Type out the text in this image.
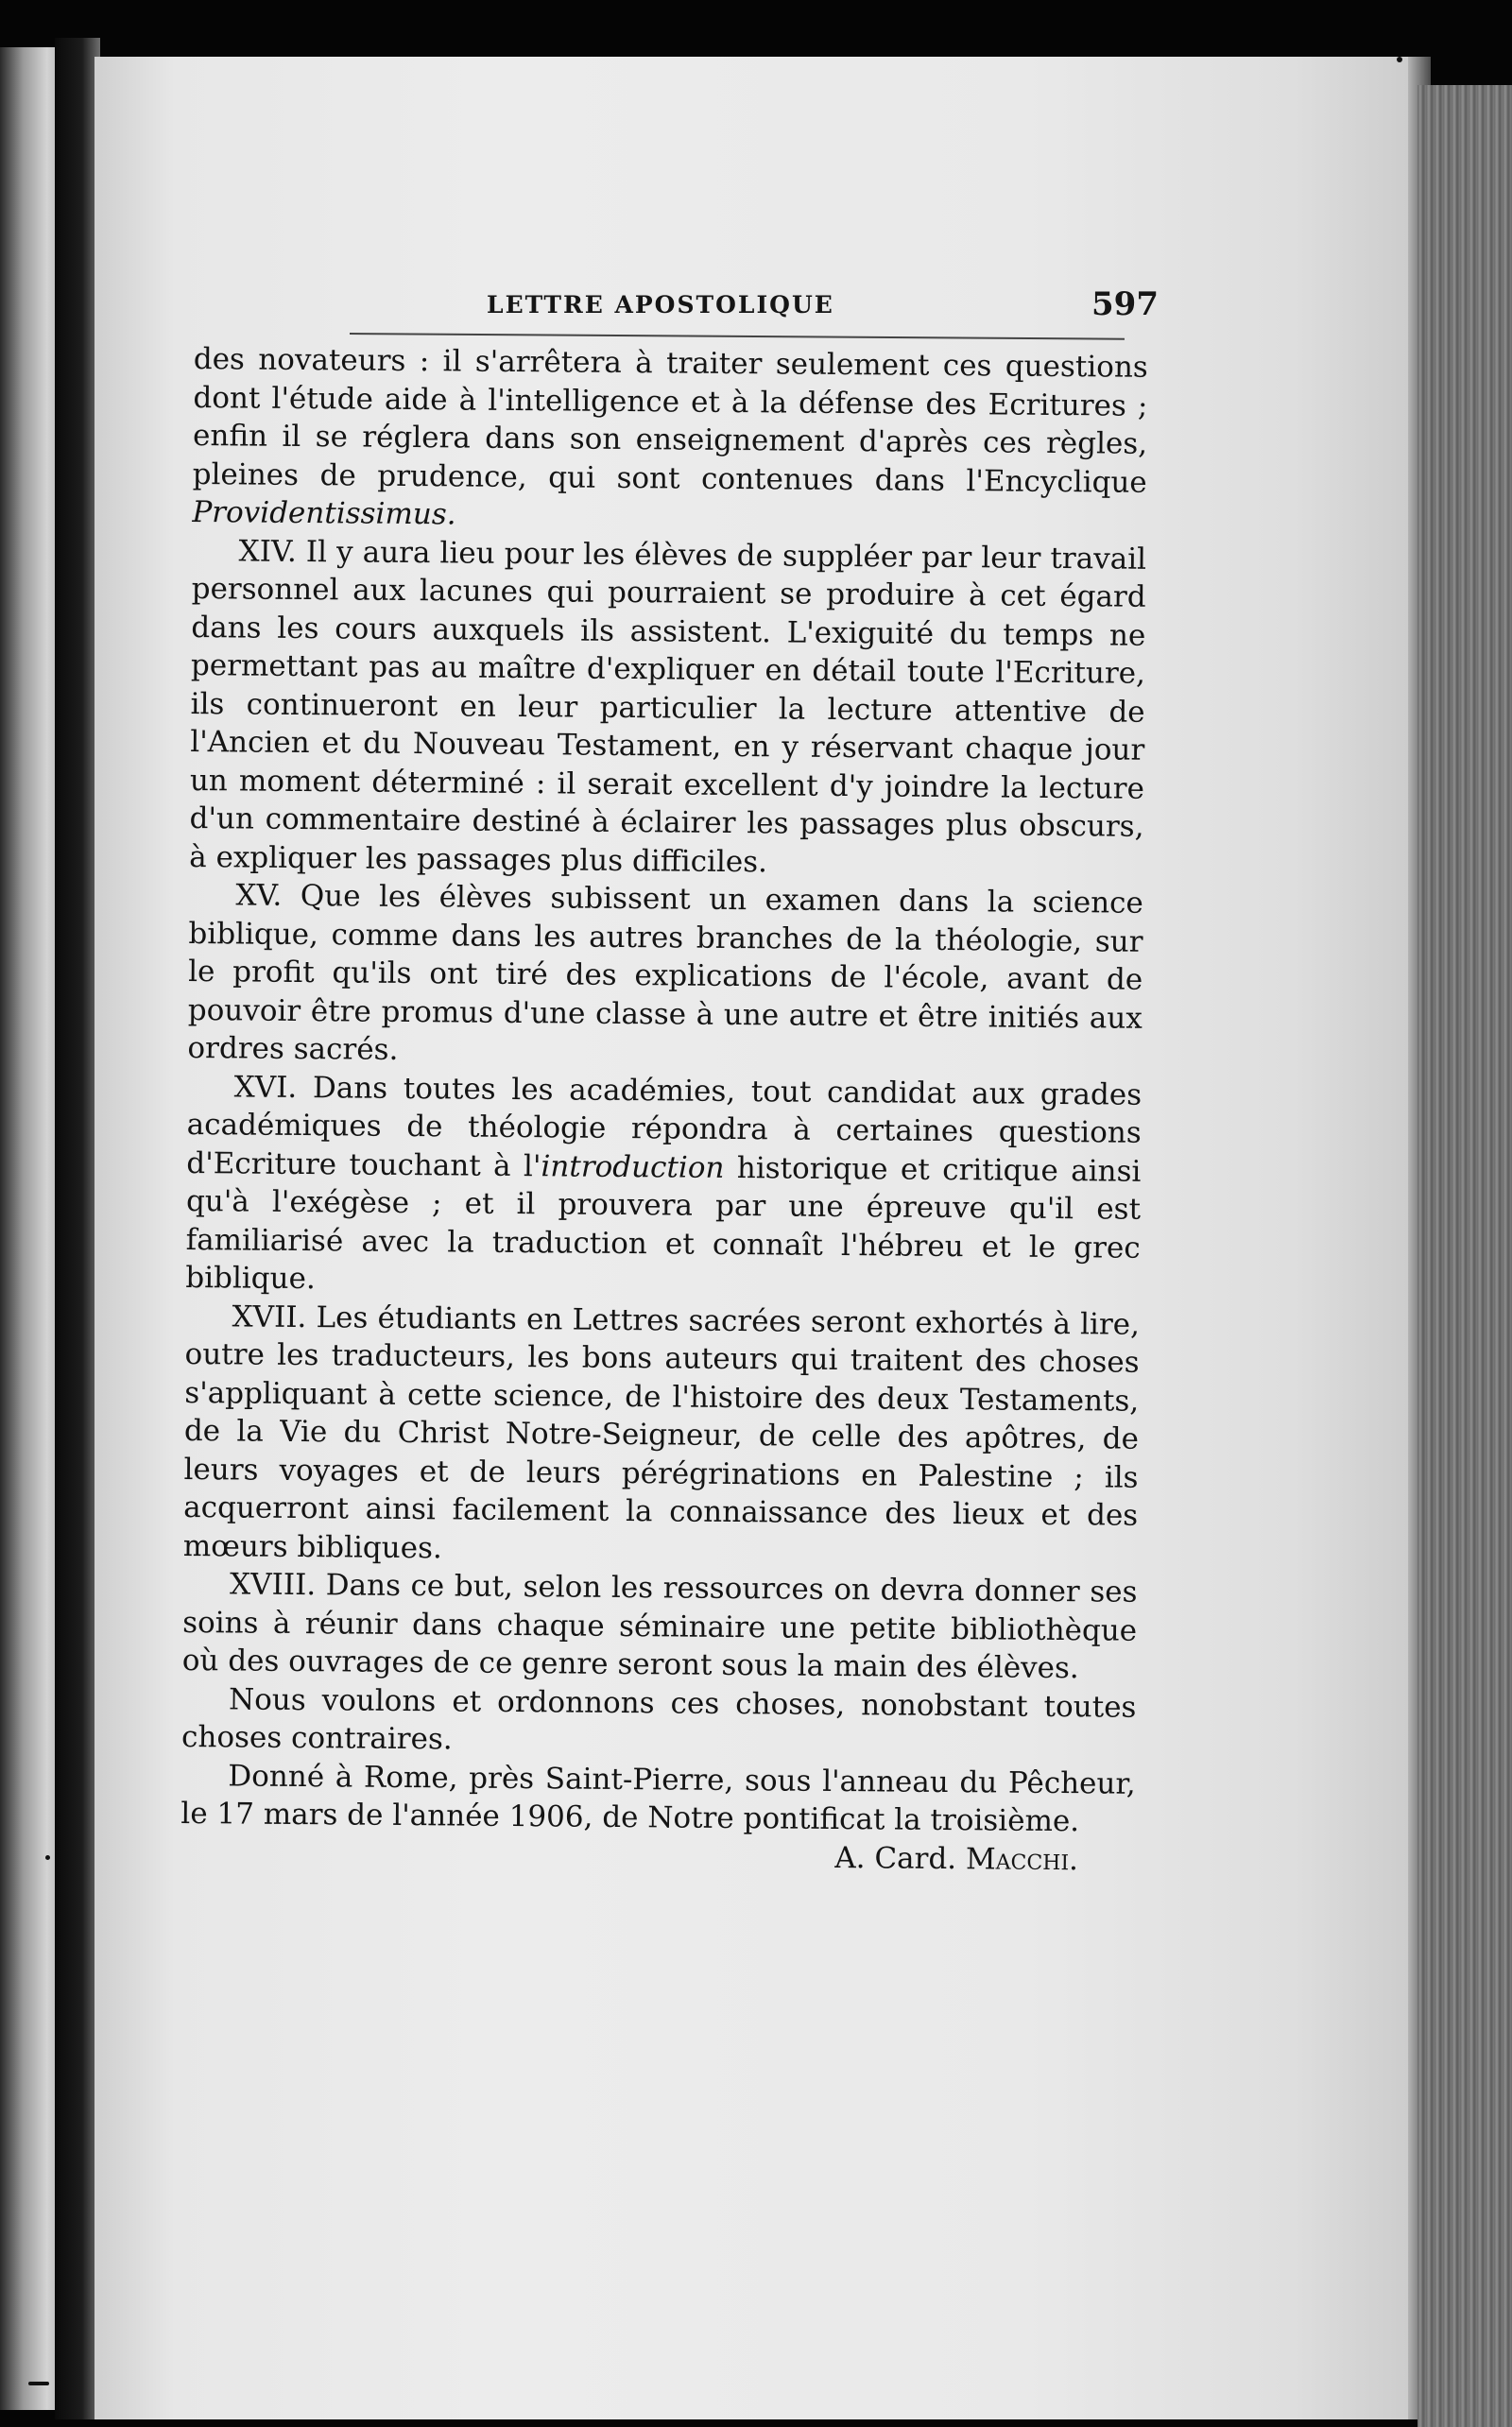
LETTRE APOSTOLIQUE	597

des novateurs : il s'arrêtera à traiter seulement ces questions dont l'étude aide à l'intelligence et à la défense des Ecritures ; enfin il se réglera dans son enseignement d'après ces règles, pleines de prudence, qui sont contenues dans l'Encyclique Providentissimus.

XIV. Il y aura lieu pour les élèves de suppléer par leur travail personnel aux lacunes qui pourraient se produire à cet égard dans les cours auxquels ils assistent. L'exiguité du temps ne permettant pas au maître d'expliquer en détail toute l'Ecriture, ils continueront en leur particulier la lecture attentive de l'Ancien et du Nouveau Testament, en y réservant chaque jour un moment déterminé : il serait excellent d'y joindre la lecture d'un commentaire destiné à éclairer les passages plus obscurs, à expliquer les passages plus difficiles.

XV. Que les élèves subissent un examen dans la science biblique, comme dans les autres branches de la théologie, sur le profit qu'ils ont tiré des explications de l'école, avant de pouvoir être promus d'une classe à une autre et être initiés aux ordres sacrés.

XVI. Dans toutes les académies, tout candidat aux grades académiques de théologie répondra à certaines questions d'Ecriture touchant à l'introduction historique et critique ainsi qu'à l'exégèse ; et il prouvera par une épreuve qu'il est familiarisé avec la traduction et connaît l'hébreu et le grec biblique.

XVII. Les étudiants en Lettres sacrées seront exhortés à lire, outre les traducteurs, les bons auteurs qui traitent des choses s'appliquant à cette science, de l'histoire des deux Testaments, de la Vie du Christ Notre-Seigneur, de celle des apôtres, de leurs voyages et de leurs pérégrinations en Palestine ; ils acquerront ainsi facilement la connaissance des lieux et des mœurs bibliques.

XVIII. Dans ce but, selon les ressources on devra donner ses soins à réunir dans chaque séminaire une petite bibliothèque où des ouvrages de ce genre seront sous la main des élèves.

Nous voulons et ordonnons ces choses, nonobstant toutes choses contraires.

Donné à Rome, près Saint-Pierre, sous l'anneau du Pêcheur, le 17 mars de l'année 1906, de Notre pontificat la troisième.

A. Card. Macchi.
